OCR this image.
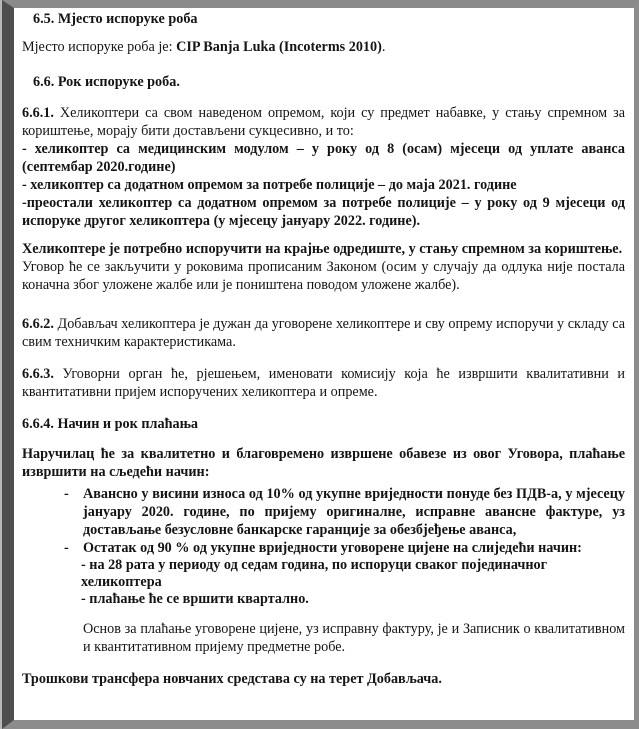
6.5. Мјесто испоруке роба

Мјесто испоруке роба је: CIP Banja Luka (Incoterms 2010).

6.6. Рок испоруке роба.

6.6.1. Хеликоптери са свом наведеном опремом, који су предмет набавке, у стању спремном за кориштење, морају бити достављени сукцесивно, и то:

- хеликоптер са медицинским модулом – у року од 8 (осам) мјесеци од уплате аванса (септембар 2020.године)

- хеликоптер са додатном опремом за потребе полиције – до маја 2021. године

-преостали хеликоптер са додатном опремом за потребе полиције – у року од 9 мјесеци од испоруке другог хеликоптера (у мјесецу јануару 2022. године).

Хеликоптере је потребно испоручити на крајње одредиште, у стању спремном за кориштење.

Уговор ће се закључити у роковима прописаним Законом (осим у случају да одлука није постала коначна због уложене жалбе или је поништена поводом уложене жалбе).

6.6.2. Добављач хеликоптера је дужан да уговорене хеликоптере и сву опрему испоручи у складу са свим техничким карактеристикама.

6.6.3. Уговорни орган ће, рјешењем, именовати комисију која ће извршити квалитативни и квантитативни пријем испоручених хеликоптера и опреме.

6.6.4. Начин и рок плаћања

Наручилац ће за квалитетно и благовремено извршене обавезе из овог Уговора, плаћање извршити на сљедећи начин:

- Авансно у висини износа од 10% од укупне вриједности понуде без ПДВ-а, у мјесецу јануару 2020. године, по пријему оригиналне, исправне авансне фактуре, уз достављање безусловне банкарске гаранције за обезбјеђење аванса,
- Остатак од 90 % од укупне вриједности уговорене цијене на слиједећи начин:

- на 28 рата у периоду од седам година, по испоруци сваког појединачног хеликоптера

- плаћање ће се вршити квартално.

Основ за плаћање уговорене цијене, уз исправну фактуру, је и Записник о квалитативном и квантитативном пријему предметне робе.

Трошкови трансфера новчаних средстава су на терет Добављача.
